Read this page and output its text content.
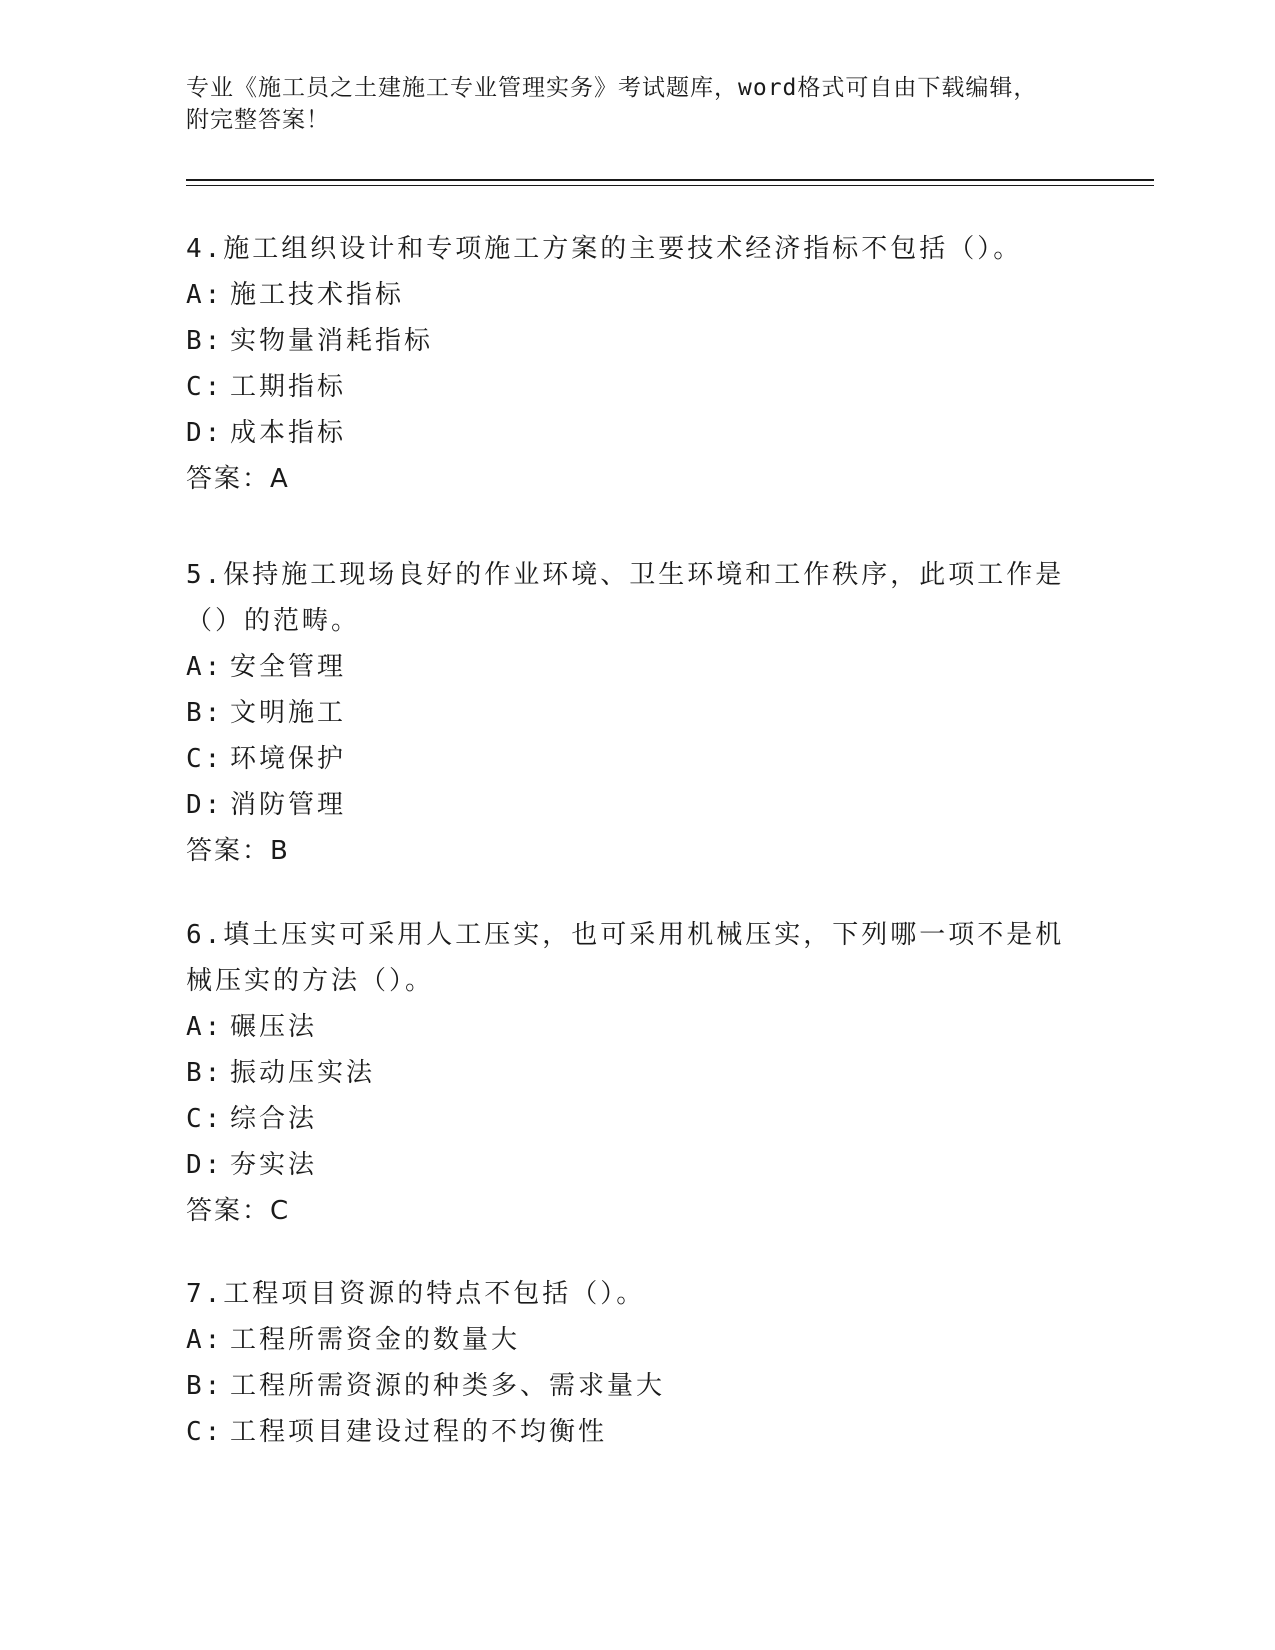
专业《施工员之土建施工专业管理实务》考试题库，word格式可自由下载编辑，
附完整答案！
4.施工组织设计和专项施工方案的主要技术经济指标不包括（）。
A: 施工技术指标
B: 实物量消耗指标
C: 工期指标
D: 成本指标
答案：A
5.保持施工现场良好的作业环境、卫生环境和工作秩序，此项工作是
（）的范畴。
A: 安全管理
B: 文明施工
C: 环境保护
D: 消防管理
答案：B
6.填土压实可采用人工压实，也可采用机械压实，下列哪一项不是机
械压实的方法（）。
A: 碾压法
B: 振动压实法
C: 综合法
D: 夯实法
答案：C
7.工程项目资源的特点不包括（）。
A: 工程所需资金的数量大
B: 工程所需资源的种类多、需求量大
C: 工程项目建设过程的不均衡性
